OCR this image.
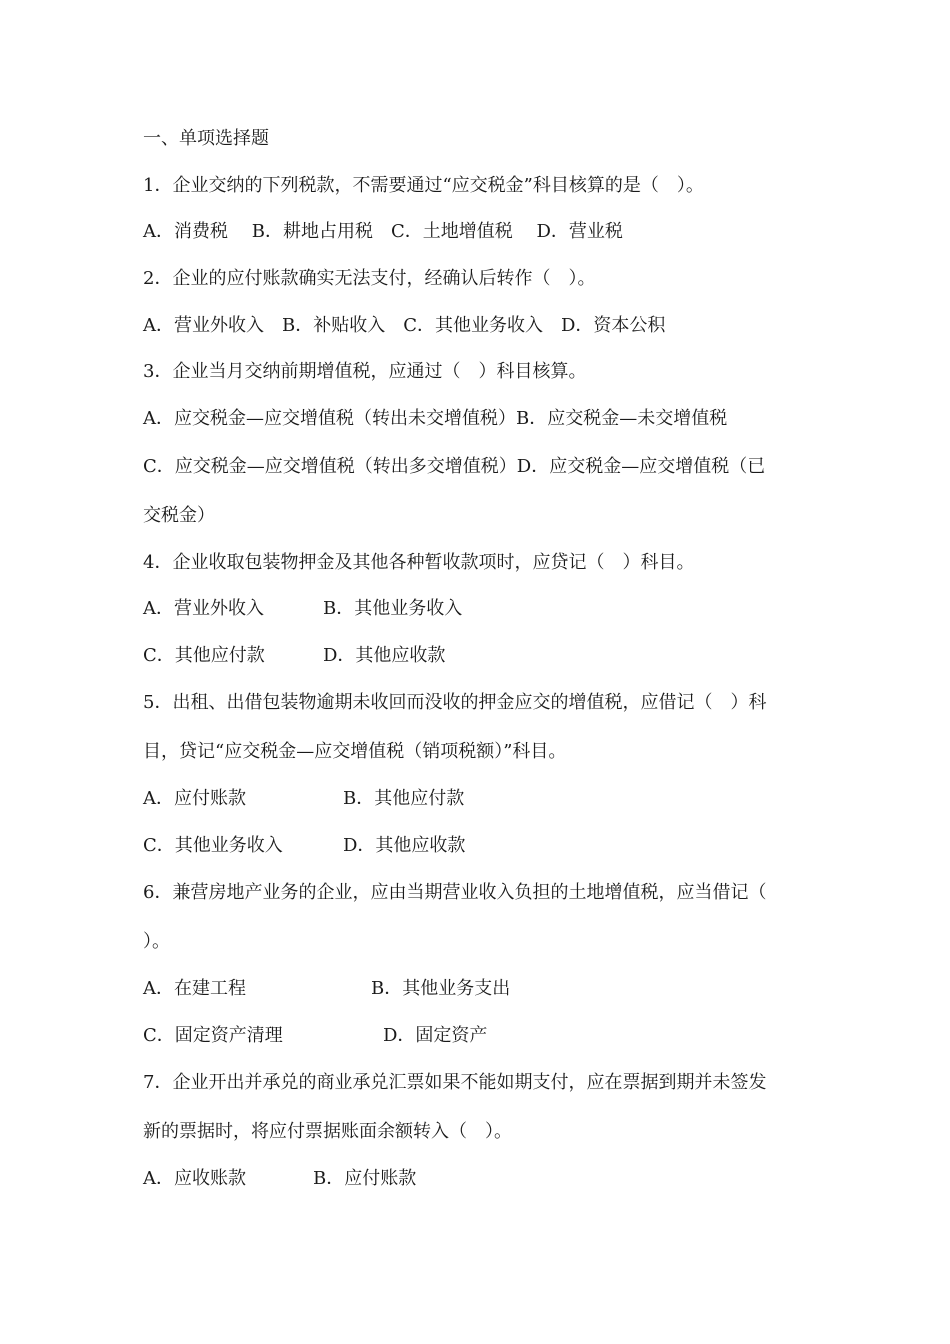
一、单项选择题
1．企业交纳的下列税款，不需要通过“应交税金”科目核算的是（　）。
A．消费税　 B．耕地占用税　C．土地增值税　 D．营业税
2．企业的应付账款确实无法支付，经确认后转作（　）。
A．营业外收入　B．补贴收入　C．其他业务收入　D．资本公积
3．企业当月交纳前期增值税，应通过（　）科目核算。
A．应交税金—应交增值税（转出未交增值税）B．应交税金—未交增值税
C．应交税金—应交增值税（转出多交增值税）D．应交税金—应交增值税（已
交税金）
4．企业收取包装物押金及其他各种暂收款项时，应贷记（　）科目。
A．营业外收入	B．其他业务收入
C．其他应付款	D．其他应收款
5．出租、出借包装物逾期未收回而没收的押金应交的增值税，应借记（　）科
目，贷记“应交税金—应交增值税（销项税额）”科目。
A．应付账款	B．其他应付款
C．其他业务收入	D．其他应收款
6．兼营房地产业务的企业，应由当期营业收入负担的土地增值税，应当借记（
）。
A．在建工程	B．其他业务支出
C．固定资产清理	D．固定资产
7．企业开出并承兑的商业承兑汇票如果不能如期支付，应在票据到期并未签发
新的票据时，将应付票据账面余额转入（　）。
A．应收账款	B．应付账款
